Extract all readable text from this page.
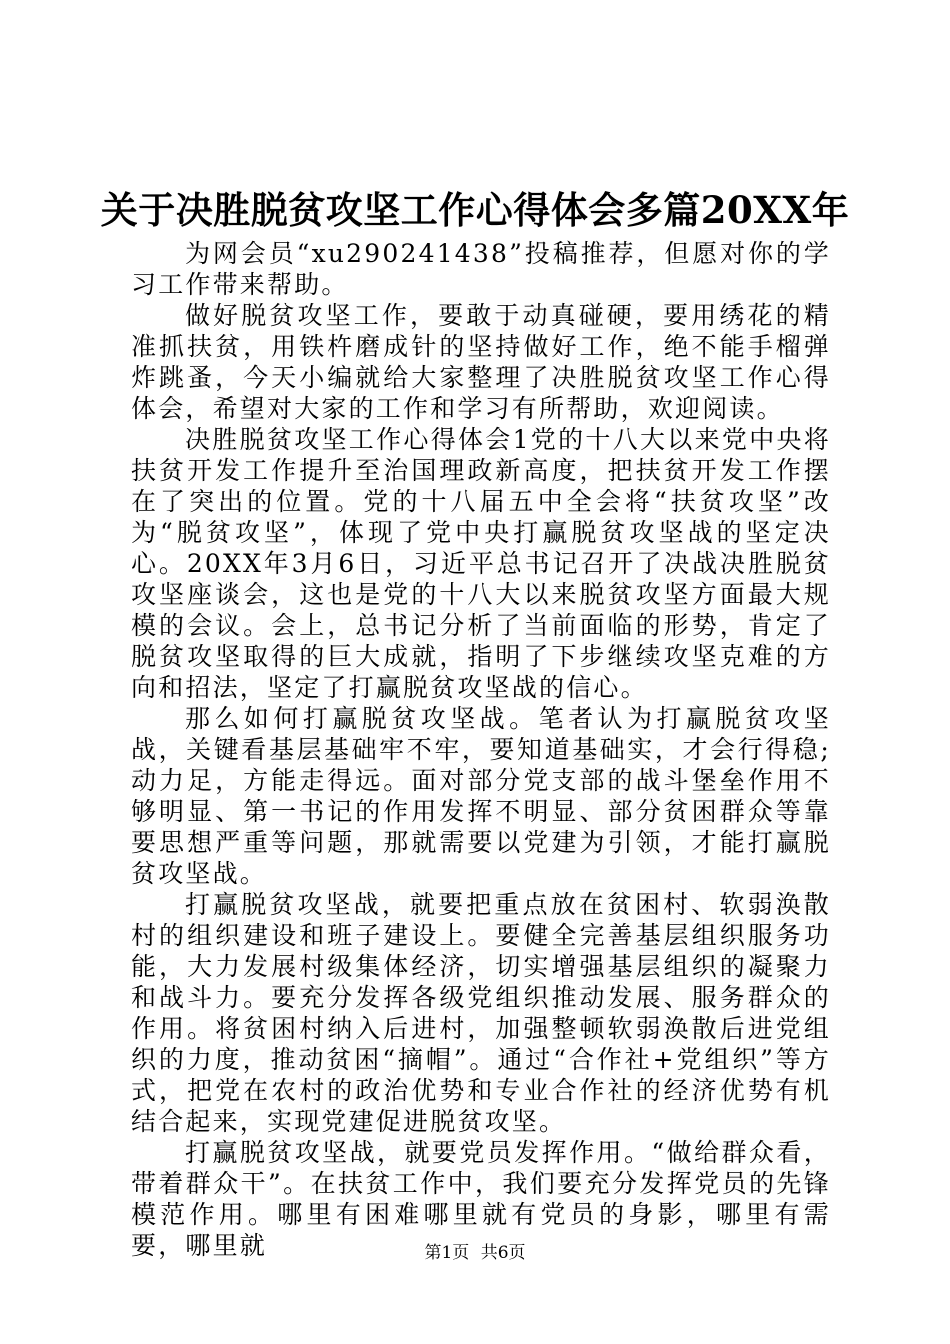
关于决胜脱贫攻坚工作心得体会多篇20XX年

为网会员“xu290241438”投稿推荐，但愿对你的学习工作带来帮助。

做好脱贫攻坚工作，要敢于动真碰硬，要用绣花的精准抓扶贫，用铁杵磨成针的坚持做好工作，绝不能手榴弹炸跳蚤，今天小编就给大家整理了决胜脱贫攻坚工作心得体会，希望对大家的工作和学习有所帮助，欢迎阅读。

决胜脱贫攻坚工作心得体会1党的十八大以来党中央将扶贫开发工作提升至治国理政新高度，把扶贫开发工作摆在了突出的位置。党的十八届五中全会将“扶贫攻坚”改为“脱贫攻坚”，体现了党中央打赢脱贫攻坚战的坚定决心。20XX年3月6日，习近平总书记召开了决战决胜脱贫攻坚座谈会，这也是党的十八大以来脱贫攻坚方面最大规模的会议。会上，总书记分析了当前面临的形势，肯定了脱贫攻坚取得的巨大成就，指明了下步继续攻坚克难的方向和招法，坚定了打赢脱贫攻坚战的信心。

那么如何打赢脱贫攻坚战。笔者认为打赢脱贫攻坚战，关键看基层基础牢不牢，要知道基础实，才会行得稳;动力足，方能走得远。面对部分党支部的战斗堡垒作用不够明显、第一书记的作用发挥不明显、部分贫困群众等靠要思想严重等问题，那就需要以党建为引领，才能打赢脱贫攻坚战。

打赢脱贫攻坚战，就要把重点放在贫困村、软弱涣散村的组织建设和班子建设上。要健全完善基层组织服务功能，大力发展村级集体经济，切实增强基层组织的凝聚力和战斗力。要充分发挥各级党组织推动发展、服务群众的作用。将贫困村纳入后进村，加强整顿软弱涣散后进党组织的力度，推动贫困“摘帽”。通过“合作社+党组织”等方式，把党在农村的政治优势和专业合作社的经济优势有机结合起来，实现党建促进脱贫攻坚。

打赢脱贫攻坚战，就要党员发挥作用。“做给群众看，带着群众干”。在扶贫工作中，我们要充分发挥党员的先锋模范作用。哪里有困难哪里就有党员的身影，哪里有需要，哪里就	第1页 共6页
